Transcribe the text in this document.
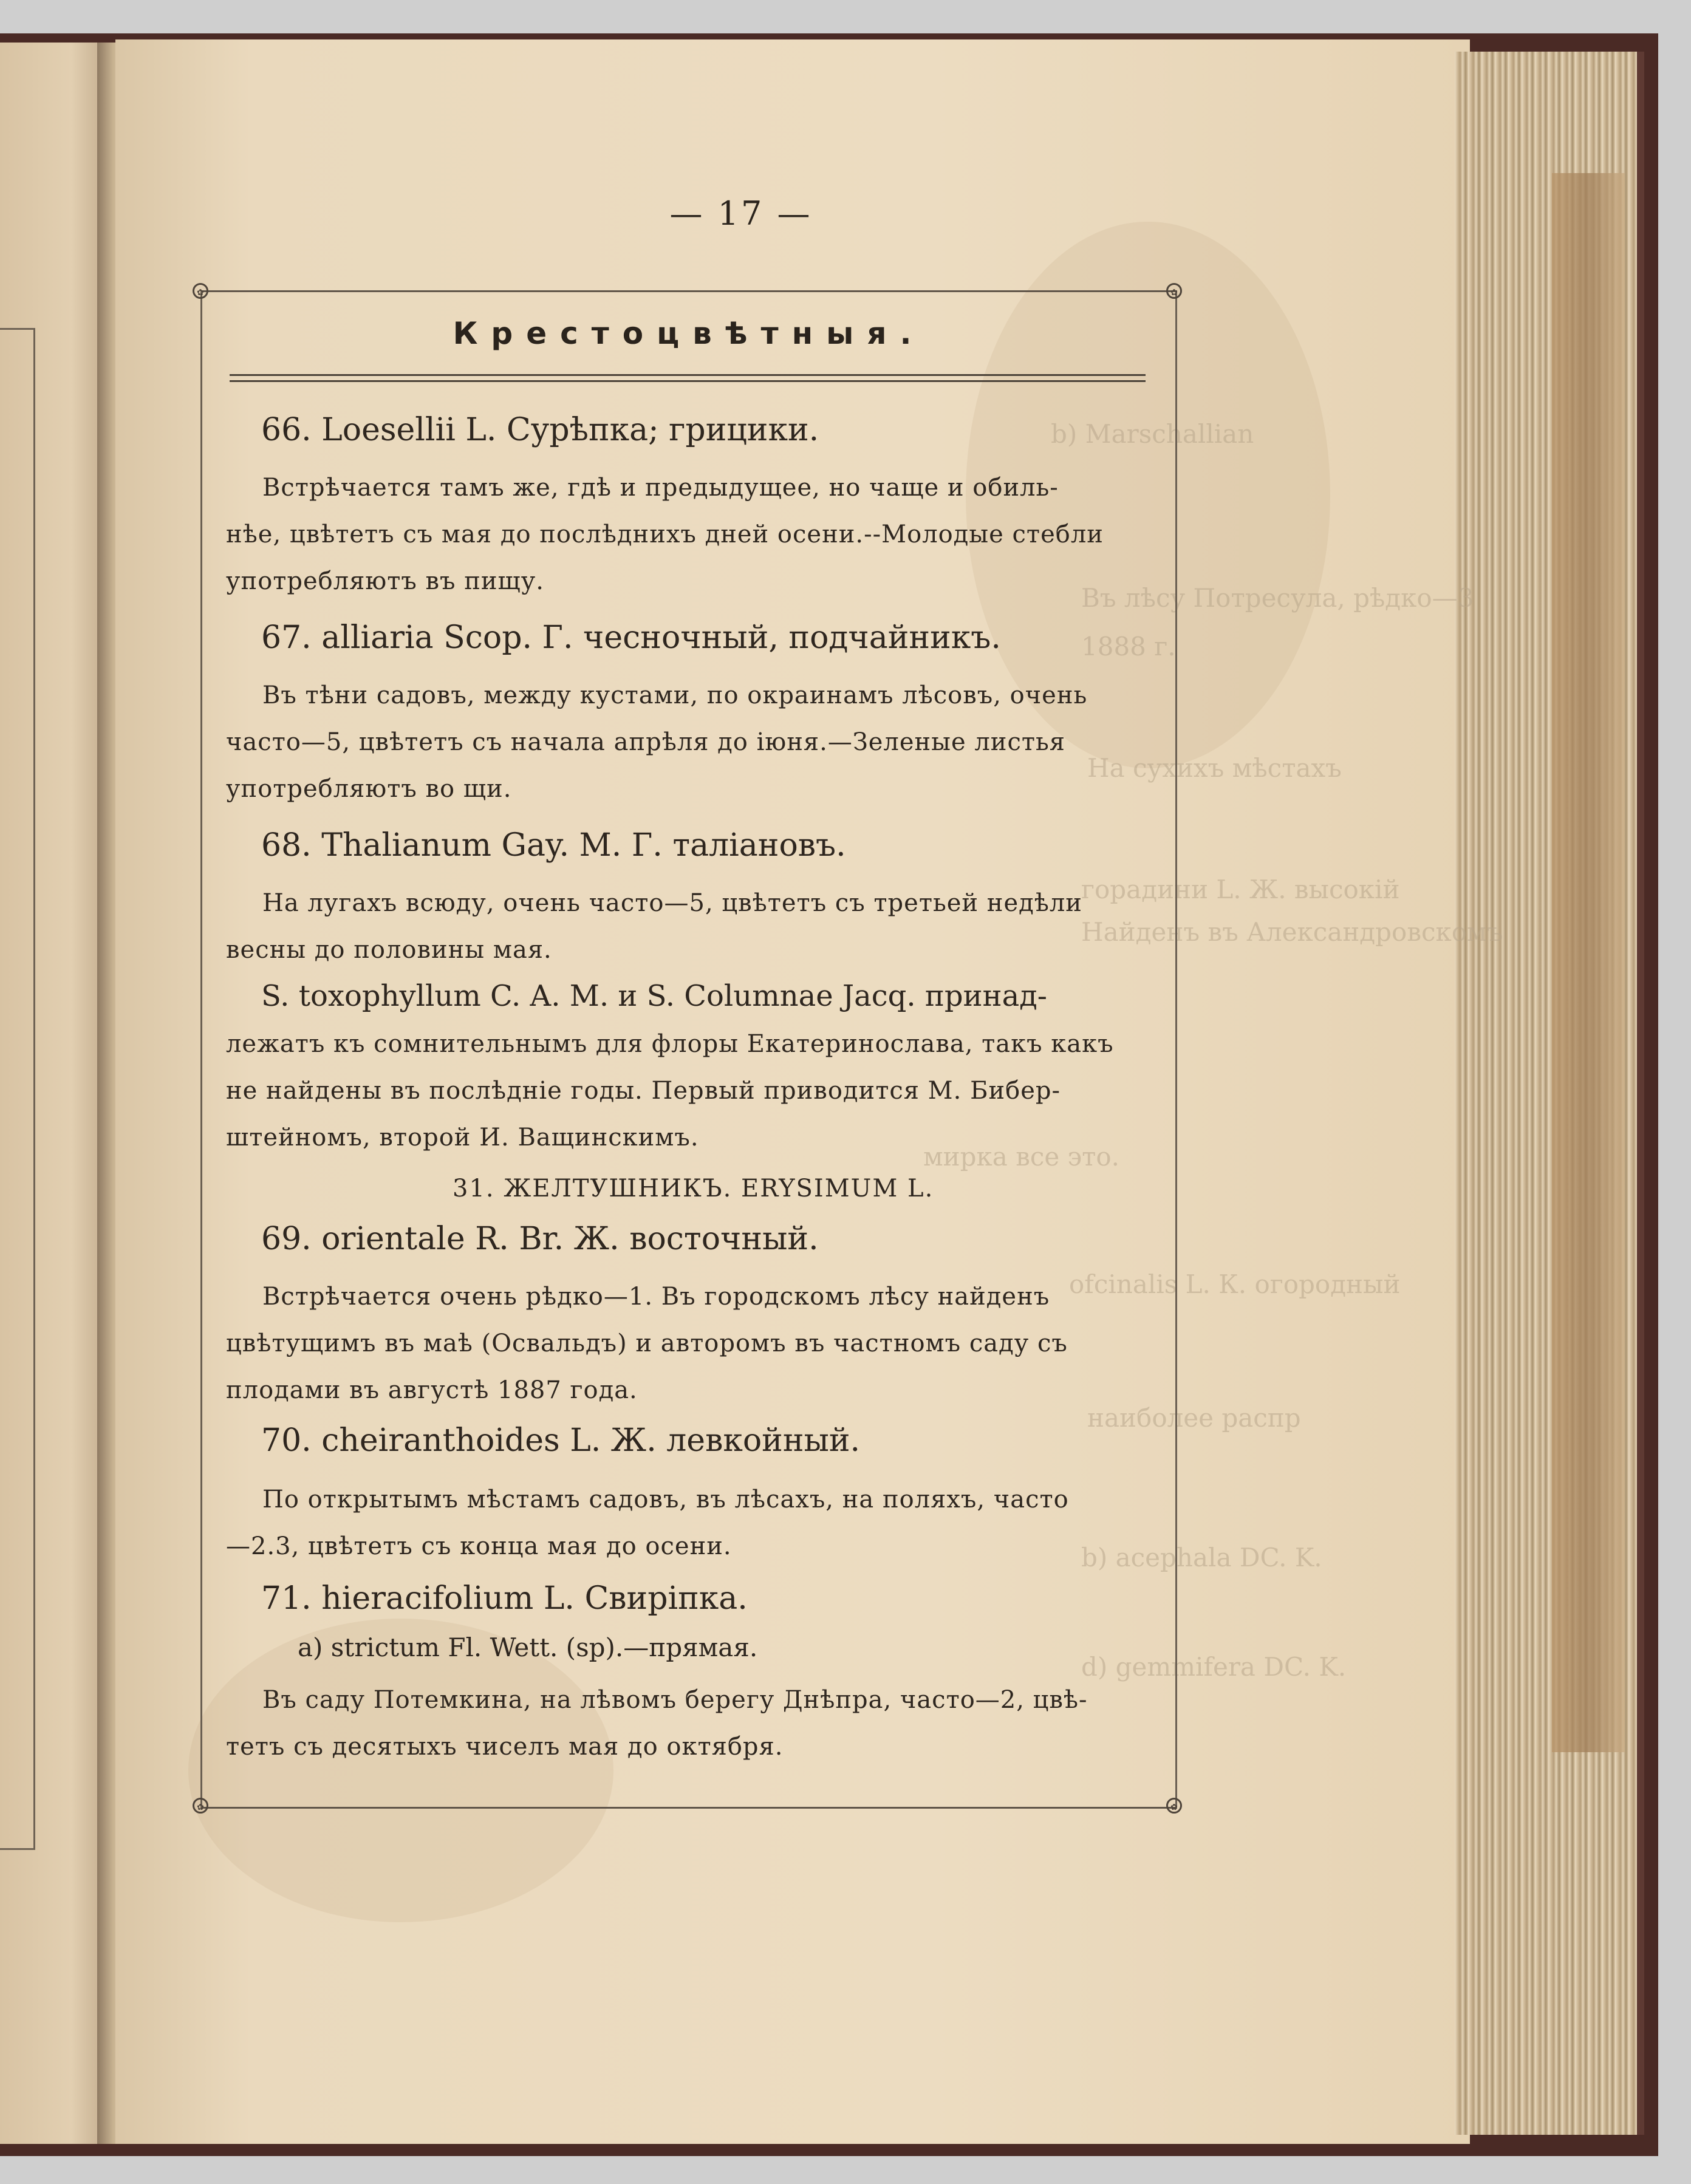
b) Marschallian
Въ лѣсу Потресула, рѣдко—3
1888 г.
На сухихъ мѣстахъ
горадини L. Ж. высокій
Найденъ въ Александровскомъ
мирка все это.
ofcinalis L. К. огородный
наиболее распр
b) acephala DC. K.
d) gemmifera DC. K.
— 17 —
✿	✿
✿	✿
Крестоцвѣтныя.
66. Loesellii L. Сурѣпка; грицики.
Встрѣчается тамъ же, гдѣ и предыдущее, но чаще и обиль-
нѣе, цвѣтетъ съ мая до послѣднихъ дней осени.--Молодые стебли
употребляютъ въ пищу.
67. alliaria Scop. Г. чесночный, подчайникъ.
Въ тѣни садовъ, между кустами, по окраинамъ лѣсовъ, очень
часто—5, цвѣтетъ съ начала апрѣля до іюня.—Зеленые листья
употребляютъ во щи.
68. Thalianum Gay. М. Г. таліановъ.
На лугахъ всюду, очень часто—5, цвѣтетъ съ третьей недѣли
весны до половины мая.
S. toxophyllum C. A. M. и S. Columnae Jacq. принад-
лежатъ къ сомнительнымъ для флоры Екатеринослава, такъ какъ
не найдены въ послѣдніе годы. Первый приводится М. Бибер-
штейномъ, второй И. Ващинскимъ.
31. ЖЕЛТУШНИКЪ. ERYSIMUM L.
69. orientale R. Br. Ж. восточный.
Встрѣчается очень рѣдко—1. Въ городскомъ лѣсу найденъ
цвѣтущимъ въ маѣ (Освальдъ) и авторомъ въ частномъ саду съ
плодами въ августѣ 1887 года.
70. cheiranthoides L. Ж. левкойный.
По открытымъ мѣстамъ садовъ, въ лѣсахъ, на поляхъ, часто
—2.3, цвѣтетъ съ конца мая до осени.
71. hieracifolium L. Свиріпка.
a) strictum Fl. Wett. (sp).—прямая.
Въ саду Потемкина, на лѣвомъ берегу Днѣпра, часто—2, цвѣ-
тетъ съ десятыхъ чиселъ мая до октября.
